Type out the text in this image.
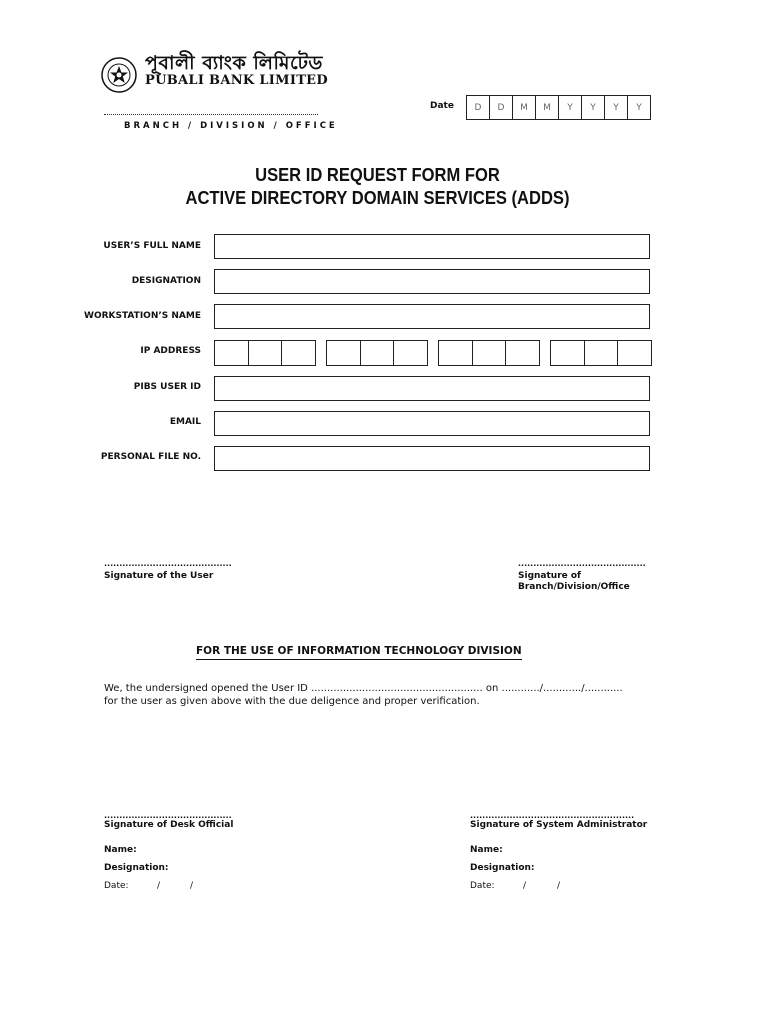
পূবালী ব্যাংক লিমিটেড
PUBALI BANK LIMITED
Date	D	D	M	M	Y	Y	Y	Y
BRANCH / DIVISION / OFFICE
USER ID REQUEST FORM FOR
ACTIVE DIRECTORY DOMAIN SERVICES (ADDS)
USER’S FULL NAME
DESIGNATION
WORKSTATION’S NAME
IP ADDRESS
PIBS USER ID
EMAIL
PERSONAL FILE NO.
..........................................
Signature of the User
..........................................
Signature of
Branch/Division/Office
FOR THE USE OF INFORMATION TECHNOLOGY DIVISION
We, the undersigned opened the User ID ...................................................... on ............/............/............
for the user as given above with the due deligence and proper verification.
..........................................
Signature of Desk Official
Name:
Designation:
Date:	/	/
......................................................
Signature of System Administrator
Name:
Designation:
Date:	/	/
